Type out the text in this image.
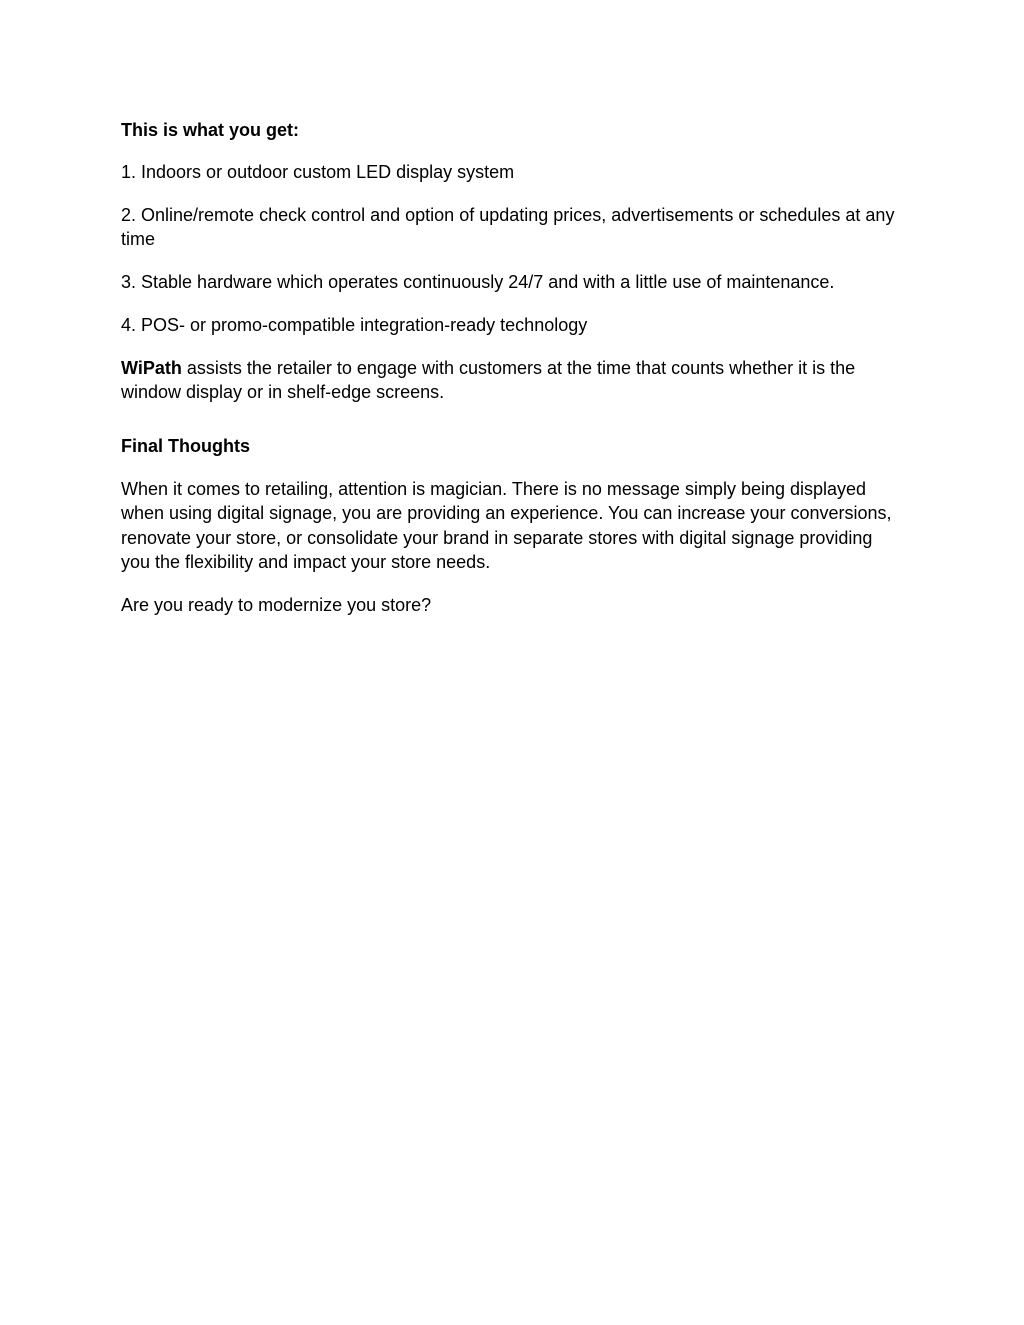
This is what you get:

1. Indoors or outdoor custom LED display system

2. Online/remote check control and option of updating prices, advertisements or schedules at any time

3. Stable hardware which operates continuously 24/7 and with a little use of maintenance.

4. POS- or promo-compatible integration-ready technology

WiPath assists the retailer to engage with customers at the time that counts whether it is the window display or in shelf-edge screens.

Final Thoughts

When it comes to retailing, attention is magician. There is no message simply being displayed when using digital signage, you are providing an experience. You can increase your conversions, renovate your store, or consolidate your brand in separate stores with digital signage providing you the flexibility and impact your store needs.

Are you ready to modernize you store?
